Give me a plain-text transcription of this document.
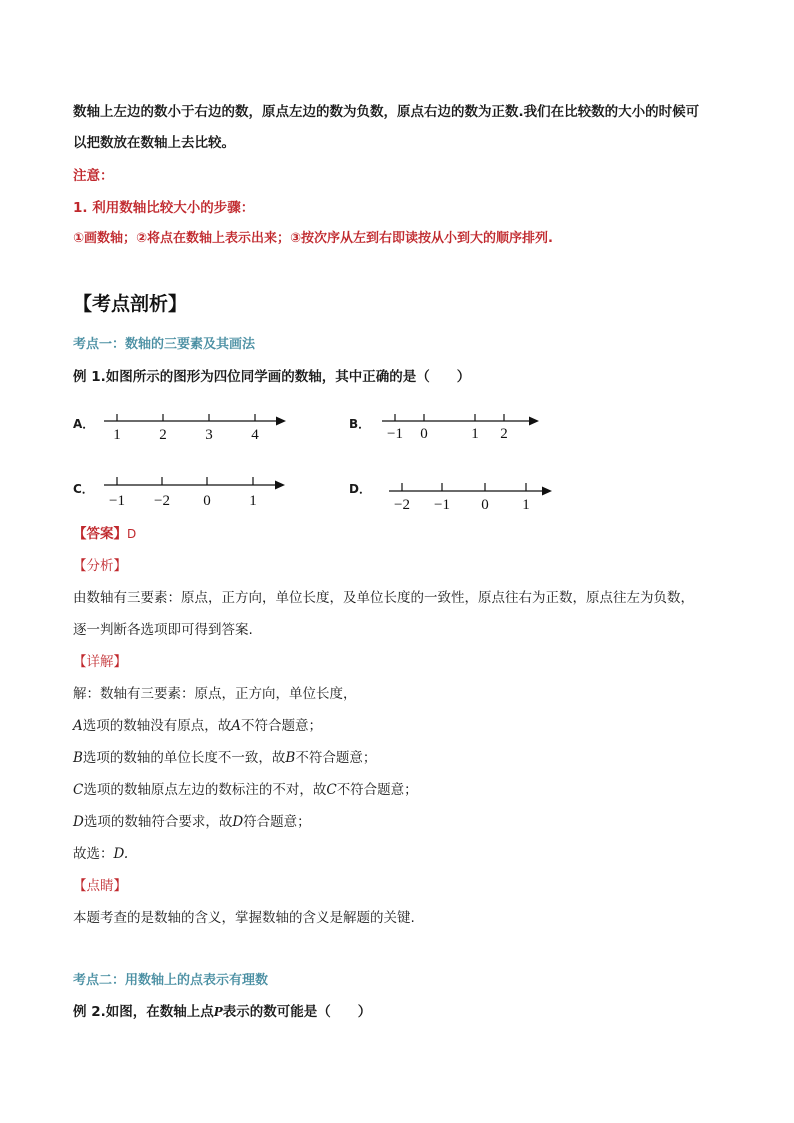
数轴上左边的数小于右边的数，原点左边的数为负数，原点右边的数为正数.我们在比较数的大小的时候可
以把数放在数轴上去比较。
注意：
1. 利用数轴比较大小的步骤：
①画数轴；②将点在数轴上表示出来；③按次序从左到右即读按从小到大的顺序排列.
【考点剖析】
考点一：数轴的三要素及其画法
例 1.如图所示的图形为四位同学画的数轴，其中正确的是（　　）
A．
1	2	3	4
B．
−1 0	1 2
C．
−1 −2 0	1
D．
−2 −1 0 1
【答案】D
【分析】
由数轴有三要素：原点，正方向，单位长度，及单位长度的一致性，原点往右为正数，原点往左为负数，
逐一判断各选项即可得到答案.
【详解】
解：数轴有三要素：原点，正方向，单位长度，
A选项的数轴没有原点，故A不符合题意；
B选项的数轴的单位长度不一致，故B不符合题意；
C选项的数轴原点左边的数标注的不对，故C不符合题意；
D选项的数轴符合要求，故D符合题意；
故选：D.
【点睛】
本题考查的是数轴的含义，掌握数轴的含义是解题的关键.
考点二：用数轴上的点表示有理数
例 2.如图，在数轴上点P表示的数可能是（　　）
